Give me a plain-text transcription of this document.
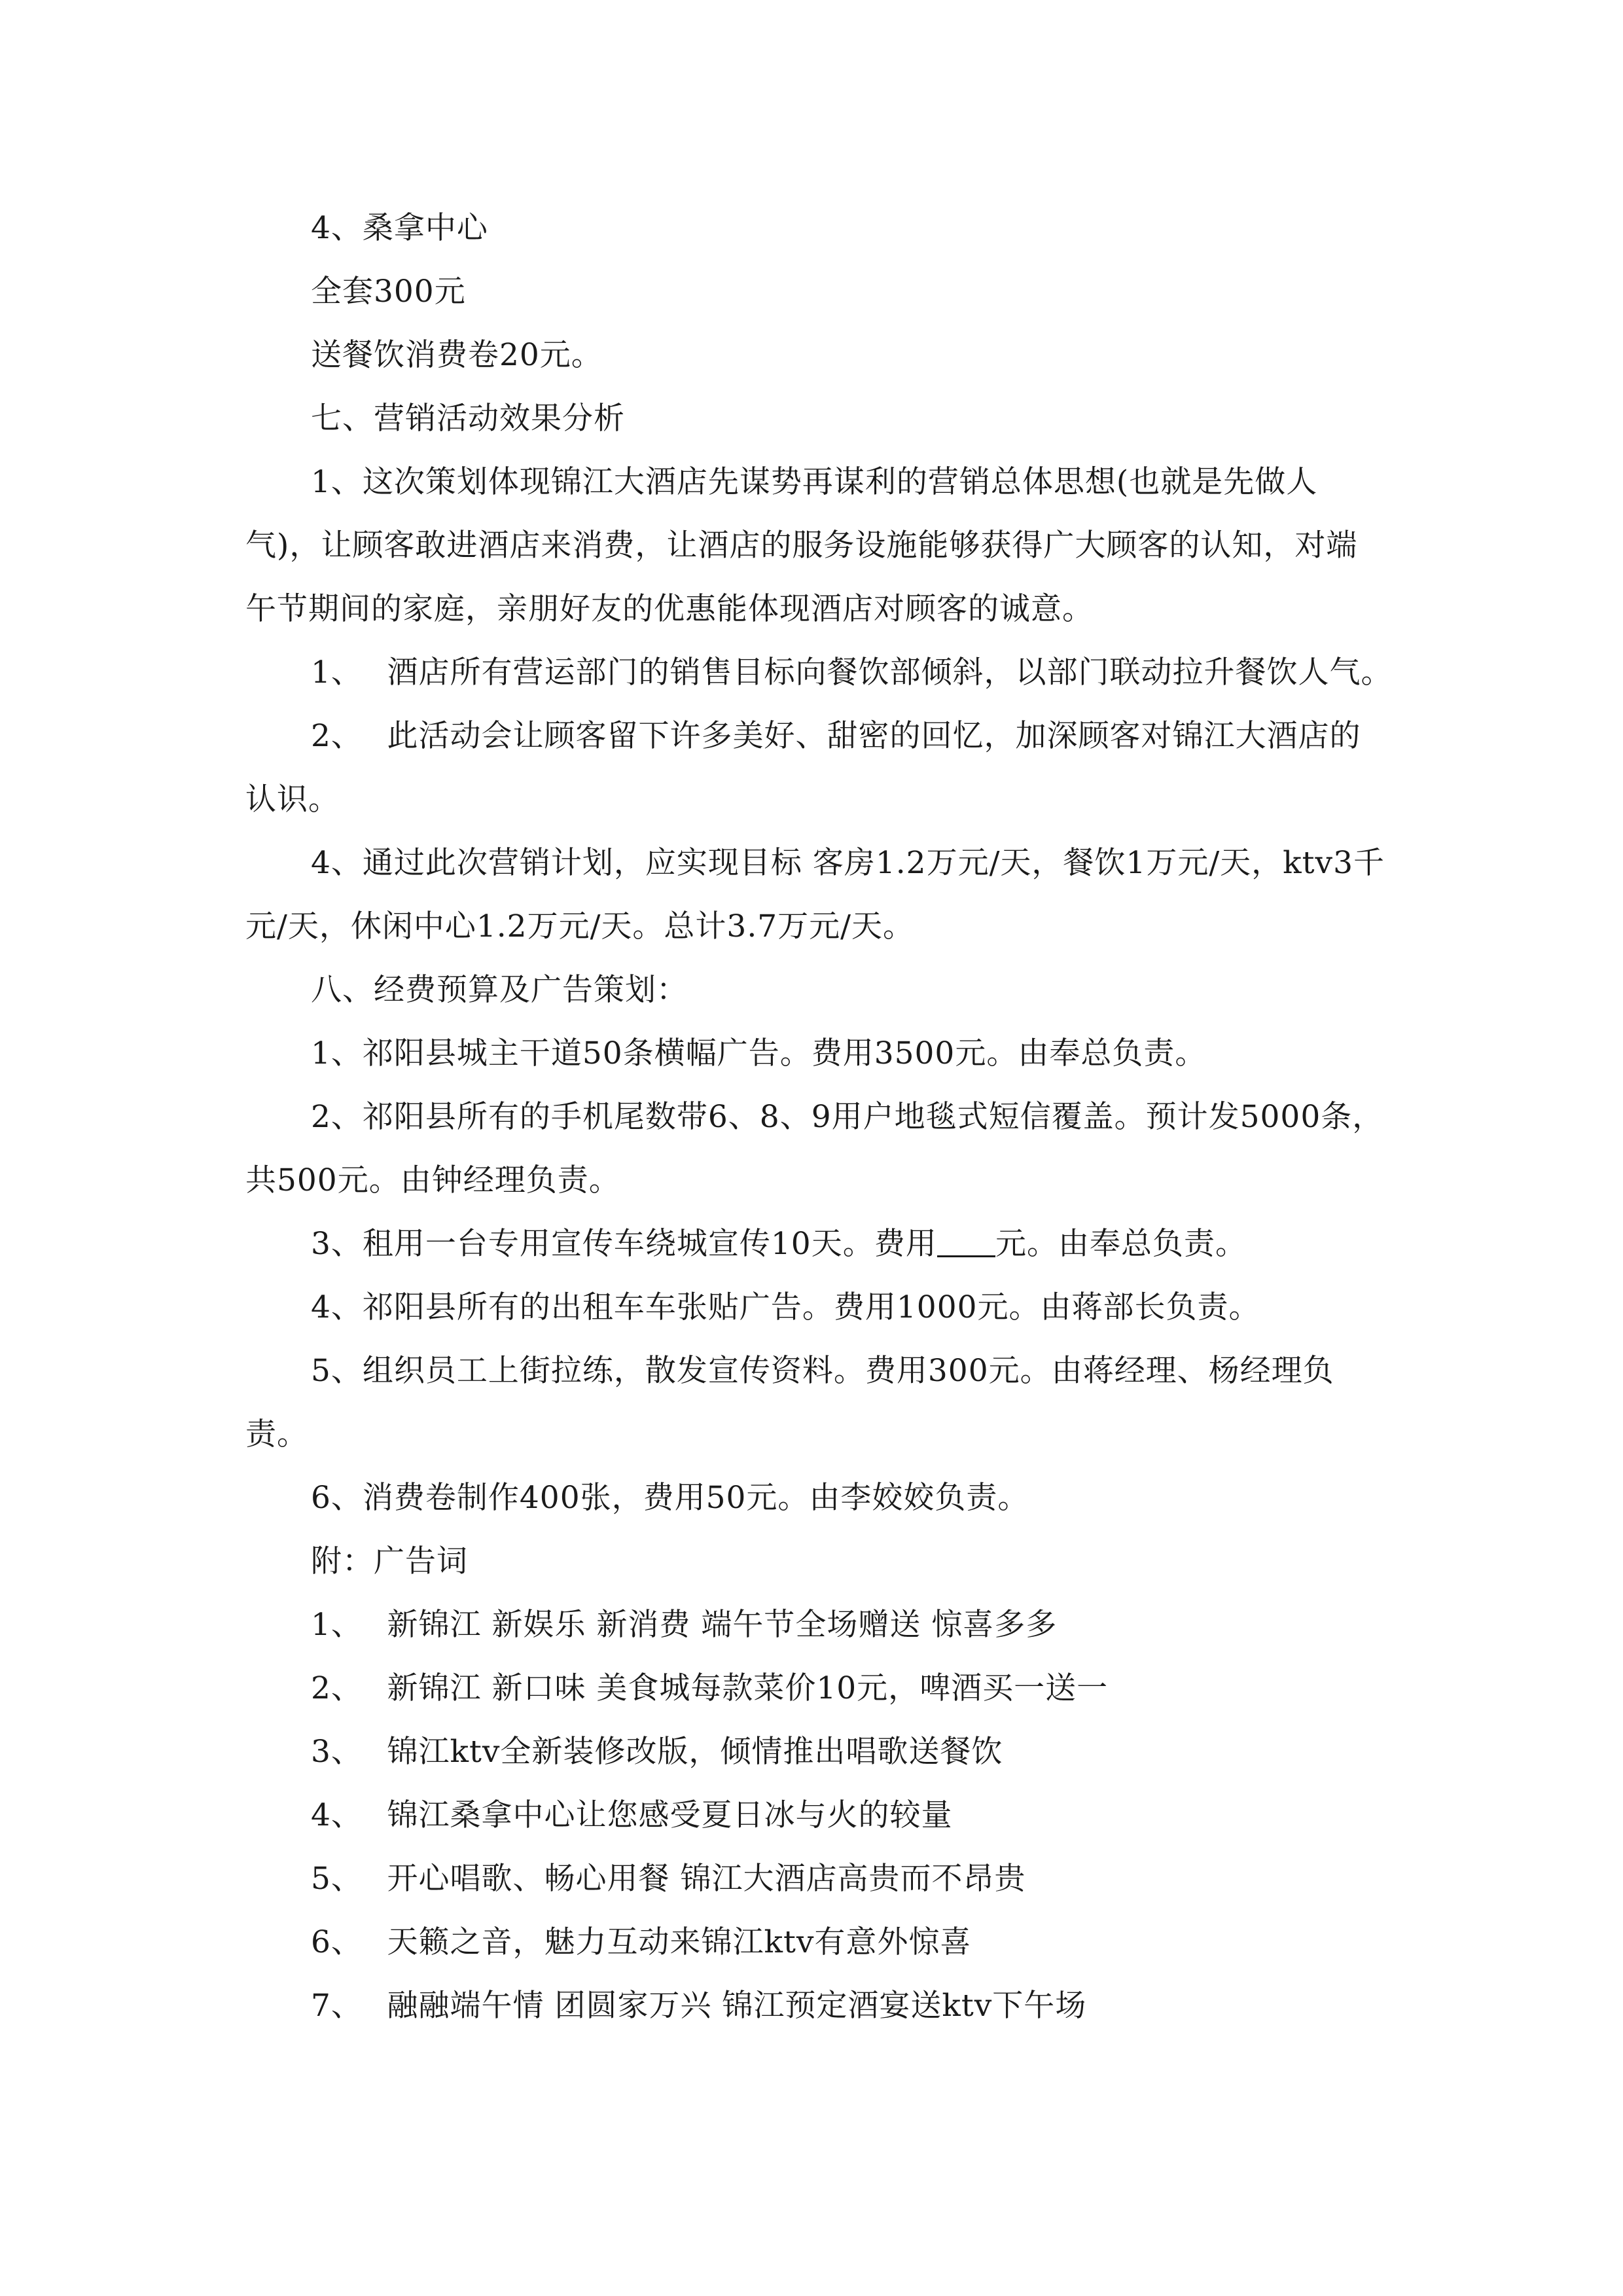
4、桑拿中心

全套300元

送餐饮消费卷20元。

七、营销活动效果分析

1、这次策划体现锦江大酒店先谋势再谋利的营销总体思想(也就是先做人气)，让顾客敢进酒店来消费，让酒店的服务设施能够获得广大顾客的认知，对端午节期间的家庭，亲朋好友的优惠能体现酒店对顾客的诚意。

1、 酒店所有营运部门的销售目标向餐饮部倾斜，以部门联动拉升餐饮人气。

2、 此活动会让顾客留下许多美好、甜密的回忆，加深顾客对锦江大酒店的认识。

4、通过此次营销计划，应实现目标 客房1.2万元/天，餐饮1万元/天，ktv3千元/天，休闲中心1.2万元/天。总计3.7万元/天。

八、经费预算及广告策划：

1、祁阳县城主干道50条横幅广告。费用3500元。由奉总负责。

2、祁阳县所有的手机尾数带6、8、9用户地毯式短信覆盖。预计发5000条，共500元。由钟经理负责。

3、租用一台专用宣传车绕城宣传10天。费用 元。由奉总负责。

4、祁阳县所有的出租车车张贴广告。费用1000元。由蒋部长负责。

5、组织员工上街拉练，散发宣传资料。费用300元。由蒋经理、杨经理负责。

6、消费卷制作400张，费用50元。由李姣姣负责。

附：广告词

1、 新锦江 新娱乐 新消费 端午节全场赠送 惊喜多多

2、 新锦江 新口味 美食城每款菜价10元，啤酒买一送一

3、 锦江ktv全新装修改版，倾情推出唱歌送餐饮

4、 锦江桑拿中心让您感受夏日冰与火的较量

5、 开心唱歌、畅心用餐 锦江大酒店高贵而不昂贵

6、 天籁之音，魅力互动来锦江ktv有意外惊喜

7、 融融端午情 团圆家万兴 锦江预定酒宴送ktv下午场
